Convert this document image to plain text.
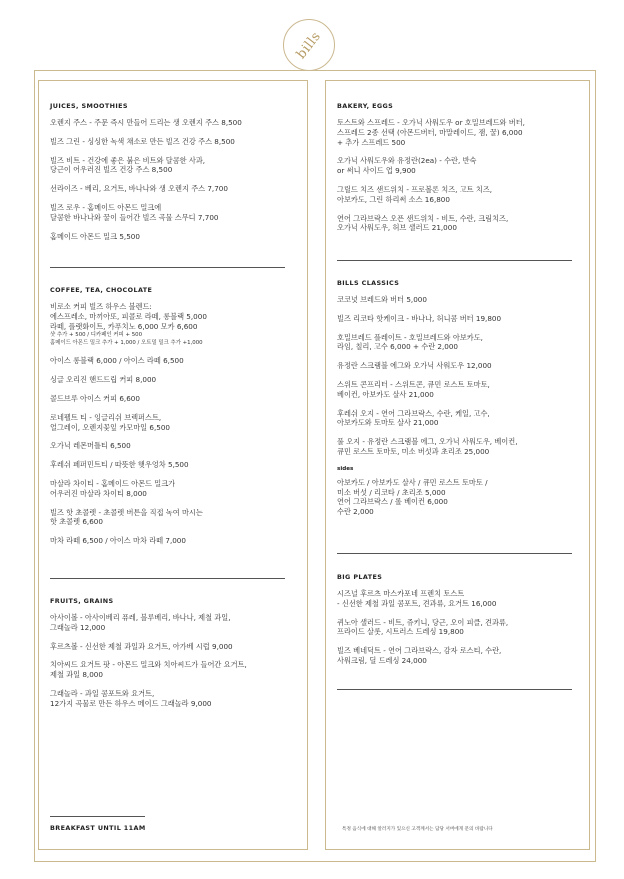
bills
JUICES, SMOOTHIES
오렌지 주스 - 주문 즉시 만들어 드리는 생 오렌지 주스 8,500
빌즈 그린 - 싱싱한 녹색 채소로 만든 빌즈 건강 주스 8,500
빌즈 비트 - 건강에 좋은 붉은 비트와 달콤한 사과,
당근이 어우러진 빌즈 건강 주스 8,500
선라이즈 - 베리, 요거트, 바나나와 생 오렌지 주스 7,700
빌즈 로우 - 홈메이드 아몬드 밀크에
달콤한 바나나와 꿀이 들어간 빌즈 곡물 스무디 7,700
홈메이드 아몬드 밀크 5,500
COFFEE, TEA, CHOCOLATE
비로소 커피 빌즈 하우스 블렌드:
에스프레소, 마끼아또, 피콜로 라떼, 롱블랙 5,000
라떼, 플랫화이트, 카푸치노 6,000 모카 6,600
샷 추가 + 500 / 디카페인 커피 + 500
홈메이드 아몬드 밀크 추가 + 1,000 / 오트밀 밀크 추가 +1,000
아이스 롱블랙 6,000 / 아이스 라떼 6,500
싱글 오리진 핸드드립 커피 8,000
콜드브루 아이스 커피 6,600
로네펠트 티 - 잉글리쉬 브렉퍼스트,
얼그레이, 오렌지꽃잎 카모마일 6,500
오가닉 레몬머틀티 6,500
후레쉬 페퍼민트티 / 따뜻한 햇우엉차 5,500
마살라 차이티 - 홈메이드 아몬드 밀크가
어우러진 마살라 차이티 8,000
빌즈 핫 초콜렛 - 초콜렛 버튼을 직접 녹여 마시는
핫 초콜렛 6,600
마차 라떼 6,500 / 아이스 마차 라떼 7,000
FRUITS, GRAINS
아사이볼 - 아사이베리 퓨레, 블루베리, 바나나, 제철 과일,
그래놀라 12,000
후르츠볼 - 신선한 제철 과일과 요거트, 아가베 시럽 9,000
치아씨드 요거트 팟 - 아몬드 밀크와 치아씨드가 들어간 요거트,
제철 과일 8,000
그래놀라 - 과일 콤포트와 요거트,
12가지 곡물로 만든 하우스 메이드 그래놀라 9,000
BREAKFAST UNTIL 11AM
BAKERY, EGGS
토스트와 스프레드 - 오가닉 사워도우 or 호밀브레드와 버터,
스프레드 2종 선택 (아몬드버터, 마말레이드, 잼, 꿀) 6,000
+ 추가 스프레드 500
오가닉 사워도우와 유정란(2ea) - 수란, 반숙
or 써니 사이드 업 9,900
그릴드 치즈 샌드위치 - 프로볼론 치즈, 고트 치즈,
아보카도, 그린 하리써 소스 16,800
연어 그라브락스 오픈 샌드위치 - 비트, 수란, 크림치즈,
오가닉 사워도우, 허브 샐러드 21,000
BILLS CLASSICS
코코넛 브레드와 버터 5,000
빌즈 리코타 핫케이크 - 바나나, 허니콤 버터 19,800
호밀브레드 플레이트 - 호밀브레드와 아보카도,
라임, 칠리, 고수 6,000 + 수란 2,000
유정란 스크램블 에그와 오가닉 사워도우 12,000
스위트 콘프리터 - 스위트콘, 큐민 로스트 토마토,
베이컨, 아보카도 살사 21,000
후레쉬 오지 - 연어 그라브락스, 수란, 케일, 고수,
아보카도와 토마토 살사 21,000
풀 오지 - 유정란 스크램블 에그, 오가닉 사워도우, 베이컨,
큐민 로스트 토마토, 미소 버섯과 초리조 25,000
sides
아보카도 / 아보카도 살사 / 큐민 로스트 토마토 /
미소 버섯 / 리코타 / 초리조 5,000
연어 그라브락스 / 롤 베이컨 6,000
수란 2,000
BIG PLATES
시즈널 후르츠 마스카포네 프렌치 토스트
- 신선한 제철 과일 콤포트, 견과류, 요거트 16,000
퀴노아 샐러드 - 비트, 쥬키니, 당근, 오이 피클, 견과류,
프라이드 살롯, 시트러스 드레싱 19,800
빌즈 베네딕트 - 연어 그라브락스, 감자 로스티, 수란,
사워크림, 딜 드레싱 24,000
특정 음식에 대해 알러지가 있으신 고객께서는 담당 서버에게 문의 바랍니다
